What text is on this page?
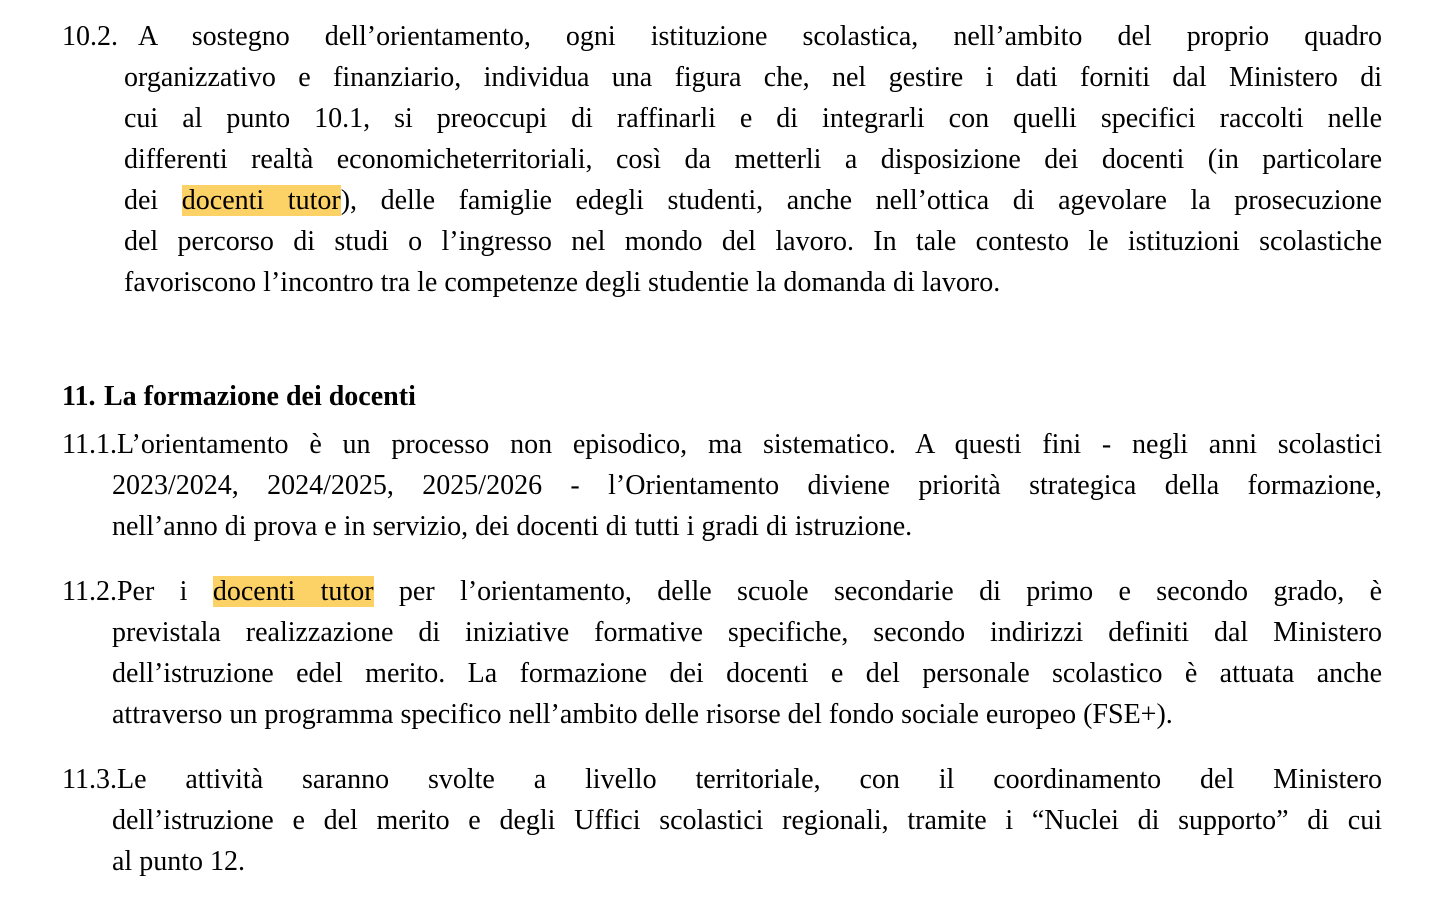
10.2. A sostegno dell’orientamento, ogni istituzione scolastica, nell’ambito del proprio quadro
organizzativo e finanziario, individua una figura che, nel gestire i dati forniti dal Ministero di
cui al punto 10.1, si preoccupi di raffinarli e di integrarli con quelli specifici raccolti nelle
differenti realtà economicheterritoriali, così da metterli a disposizione dei docenti (in particolare
dei docenti tutor), delle famiglie edegli studenti, anche nell’ottica di agevolare la prosecuzione
del percorso di studi o l’ingresso nel mondo del lavoro. In tale contesto le istituzioni scolastiche
favoriscono l’incontro tra le competenze degli studentie la domanda di lavoro.
11. La formazione dei docenti
11.1.L’orientamento è un processo non episodico, ma sistematico. A questi fini - negli anni scolastici
2023/2024, 2024/2025, 2025/2026 - l’Orientamento diviene priorità strategica della formazione,
nell’anno di prova e in servizio, dei docenti di tutti i gradi di istruzione.
11.2.Per i docenti tutor per l’orientamento, delle scuole secondarie di primo e secondo grado, è
previstala realizzazione di iniziative formative specifiche, secondo indirizzi definiti dal Ministero
dell’istruzione edel merito. La formazione dei docenti e del personale scolastico è attuata anche
attraverso un programma specifico nell’ambito delle risorse del fondo sociale europeo (FSE+).
11.3.Le attività saranno svolte a livello territoriale, con il coordinamento del Ministero
dell’istruzione e del merito e degli Uffici scolastici regionali, tramite i “Nuclei di supporto” di cui
al punto 12.
